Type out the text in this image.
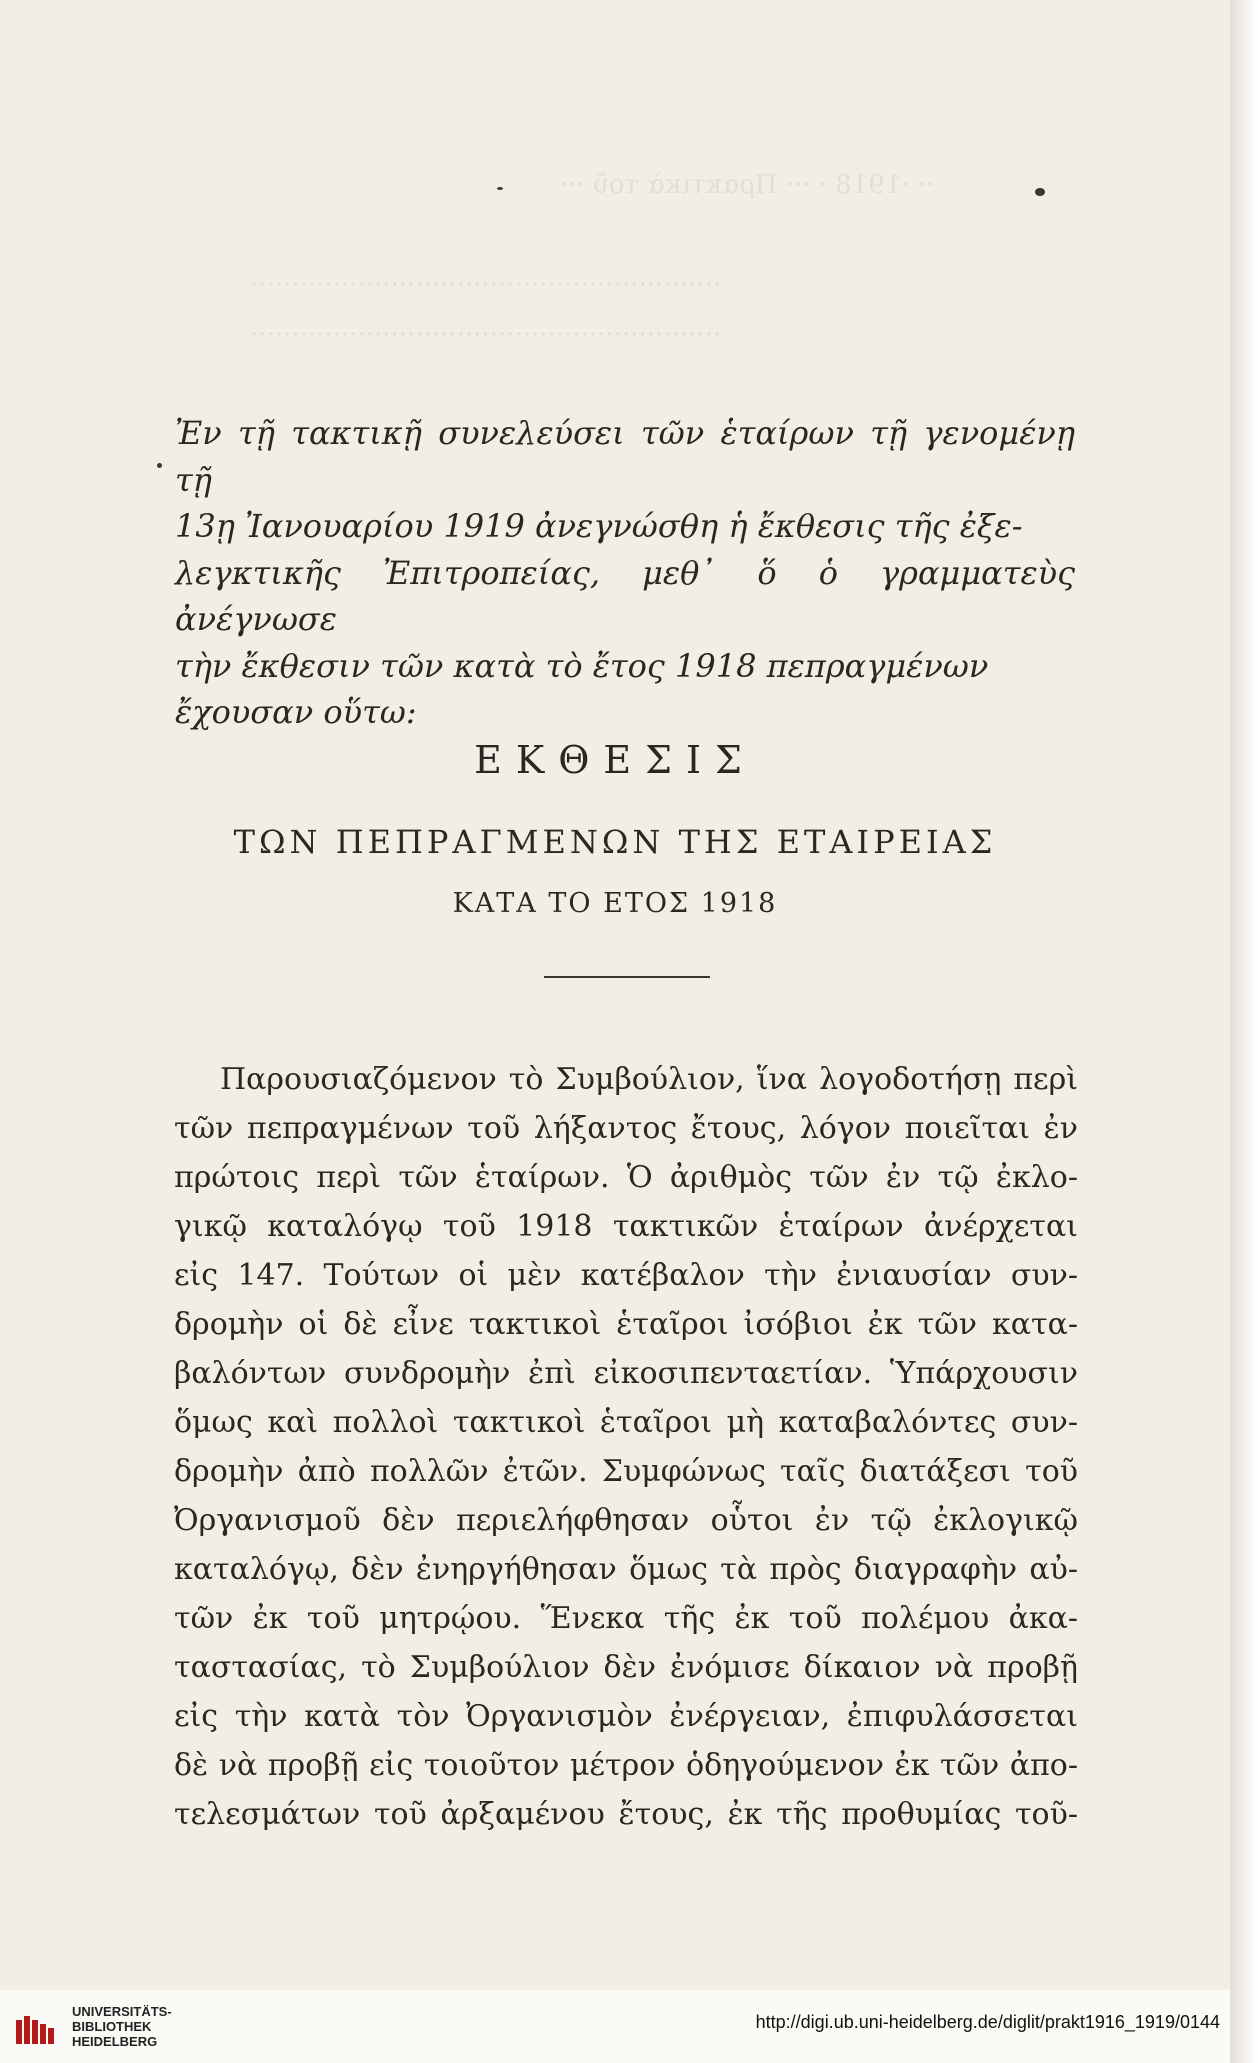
·· ·1918 · ··· Πρακτικὰ τοῦ ···
·························································
·························································
Ἐν τῇ τακτικῇ συνελεύσει τῶν ἑταίρων τῇ γενομένῃ τῇ
13ῃ Ἰανουαρίου 1919 ἀνεγνώσθη ἡ ἔκθεσις τῆς ἐξε-
λεγκτικῆς Ἐπιτροπείας, μεθ᾽ ὅ ὁ γραμματεὺς ἀνέγνωσε
τὴν ἔκθεσιν τῶν κατὰ τὸ ἔτος 1918 πεπραγμένων
ἔχουσαν οὕτω:
ΕΚΘΕΣΙΣ
ΤΩΝ ΠΕΠΡΑΓΜΕΝΩΝ ΤΗΣ ΕΤΑΙΡΕΙΑΣ
ΚΑΤΑ ΤΟ ΕΤΟΣ 1918
Παρουσιαζόμενον τὸ Συμβούλιον, ἵνα λογοδοτήσῃ περὶ
τῶν πεπραγμένων τοῦ λήξαντος ἔτους, λόγον ποιεῖται ἐν
πρώτοις περὶ τῶν ἑταίρων. Ὁ ἀριθμὸς τῶν ἐν τῷ ἐκλο-
γικῷ καταλόγῳ τοῦ 1918 τακτικῶν ἑταίρων ἀνέρχεται
εἰς 147. Τούτων οἱ μὲν κατέβαλον τὴν ἐνιαυσίαν συν-
δρομὴν οἱ δὲ εἶνε τακτικοὶ ἑταῖροι ἰσόβιοι ἐκ τῶν κατα-
βαλόντων συνδρομὴν ἐπὶ εἰκοσιπενταετίαν. Ὑπάρχουσιν
ὅμως καὶ πολλοὶ τακτικοὶ ἑταῖροι μὴ καταβαλόντες συν-
δρομὴν ἀπὸ πολλῶν ἐτῶν. Συμφώνως ταῖς διατάξεσι τοῦ
Ὀργανισμοῦ δὲν περιελήφθησαν οὗτοι ἐν τῷ ἐκλογικῷ
καταλόγῳ, δὲν ἐνηργήθησαν ὅμως τὰ πρὸς διαγραφὴν αὐ-
τῶν ἐκ τοῦ μητρῴου. Ἕνεκα τῆς ἐκ τοῦ πολέμου ἀκα-
ταστασίας, τὸ Συμβούλιον δὲν ἐνόμισε δίκαιον νὰ προβῇ
εἰς τὴν κατὰ τὸν Ὀργανισμὸν ἐνέργειαν, ἐπιφυλάσσεται
δὲ νὰ προβῇ εἰς τοιοῦτον μέτρον ὁδηγούμενον ἐκ τῶν ἀπο-
τελεσμάτων τοῦ ἀρξαμένου ἔτους, ἐκ τῆς προθυμίας τοῦ-
UNIVERSITÄTS-
BIBLIOTHEK
HEIDELBERG
http://digi.ub.uni-heidelberg.de/diglit/prakt1916_1919/0144
